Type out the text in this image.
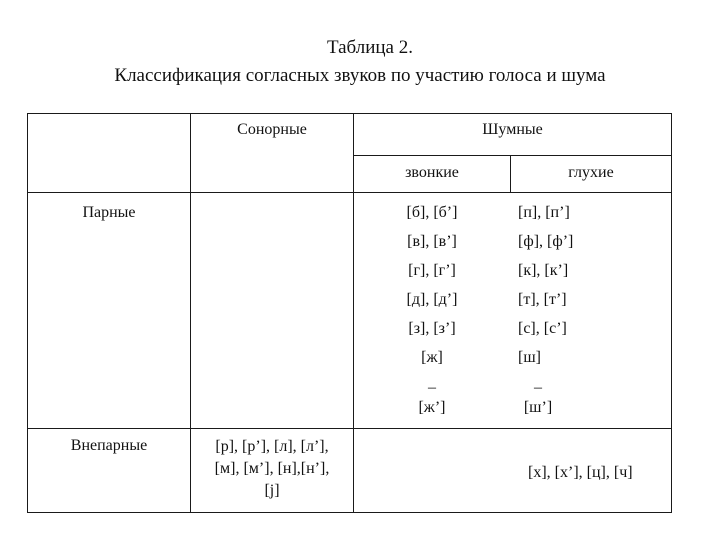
Таблица 2.
Классификация согласных звуков по участию голоса и шума
Сонорные	Шумные
звонкие	глухие
Парные
Внепарные
[б], [б’]
[в], [в’]
[г], [г’]
[д], [д’]
[з], [з’]
[ж]
–
[ж’]
[п], [п’]
[ф], [ф’]
[к], [к’]
[т], [т’]
[с], [с’]
[ш]
–
[ш’]
[р], [р’], [л], [л’],
[м], [м’], [н],[н’],
[j]
[х], [х’], [ц], [ч]
